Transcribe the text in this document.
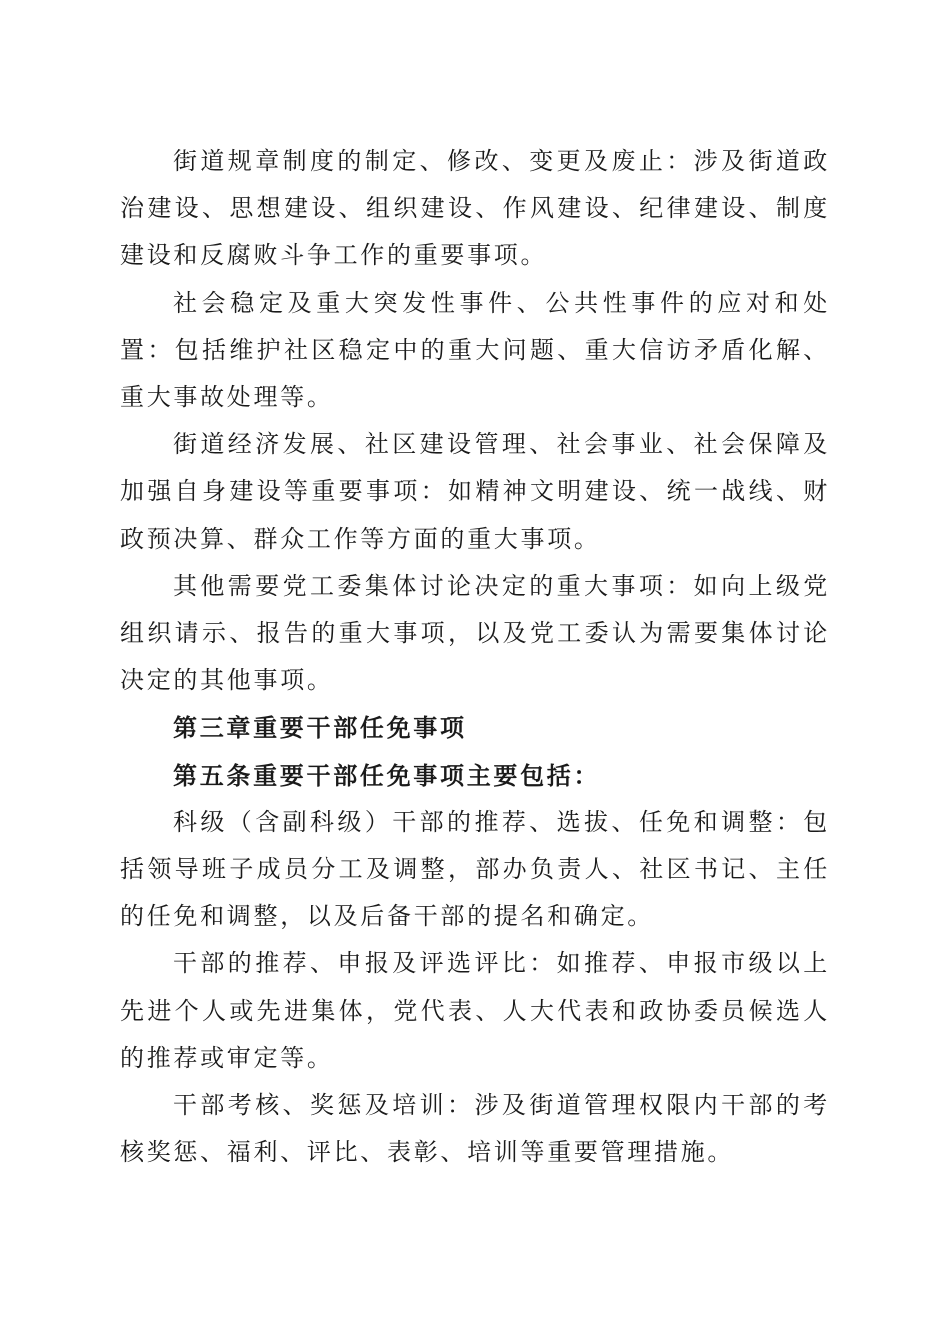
街道规章制度的制定、修改、变更及废止：涉及街道政治建设、思想建设、组织建设、作风建设、纪律建设、制度建设和反腐败斗争工作的重要事项。

社会稳定及重大突发性事件、公共性事件的应对和处置：包括维护社区稳定中的重大问题、重大信访矛盾化解、重大事故处理等。

街道经济发展、社区建设管理、社会事业、社会保障及加强自身建设等重要事项：如精神文明建设、统一战线、财政预决算、群众工作等方面的重大事项。

其他需要党工委集体讨论决定的重大事项：如向上级党组织请示、报告的重大事项，以及党工委认为需要集体讨论决定的其他事项。

第三章重要干部任免事项

第五条重要干部任免事项主要包括：

科级（含副科级）干部的推荐、选拔、任免和调整：包括领导班子成员分工及调整，部办负责人、社区书记、主任的任免和调整，以及后备干部的提名和确定。

干部的推荐、申报及评选评比：如推荐、申报市级以上先进个人或先进集体，党代表、人大代表和政协委员候选人的推荐或审定等。

干部考核、奖惩及培训：涉及街道管理权限内干部的考核奖惩、福利、评比、表彰、培训等重要管理措施。
